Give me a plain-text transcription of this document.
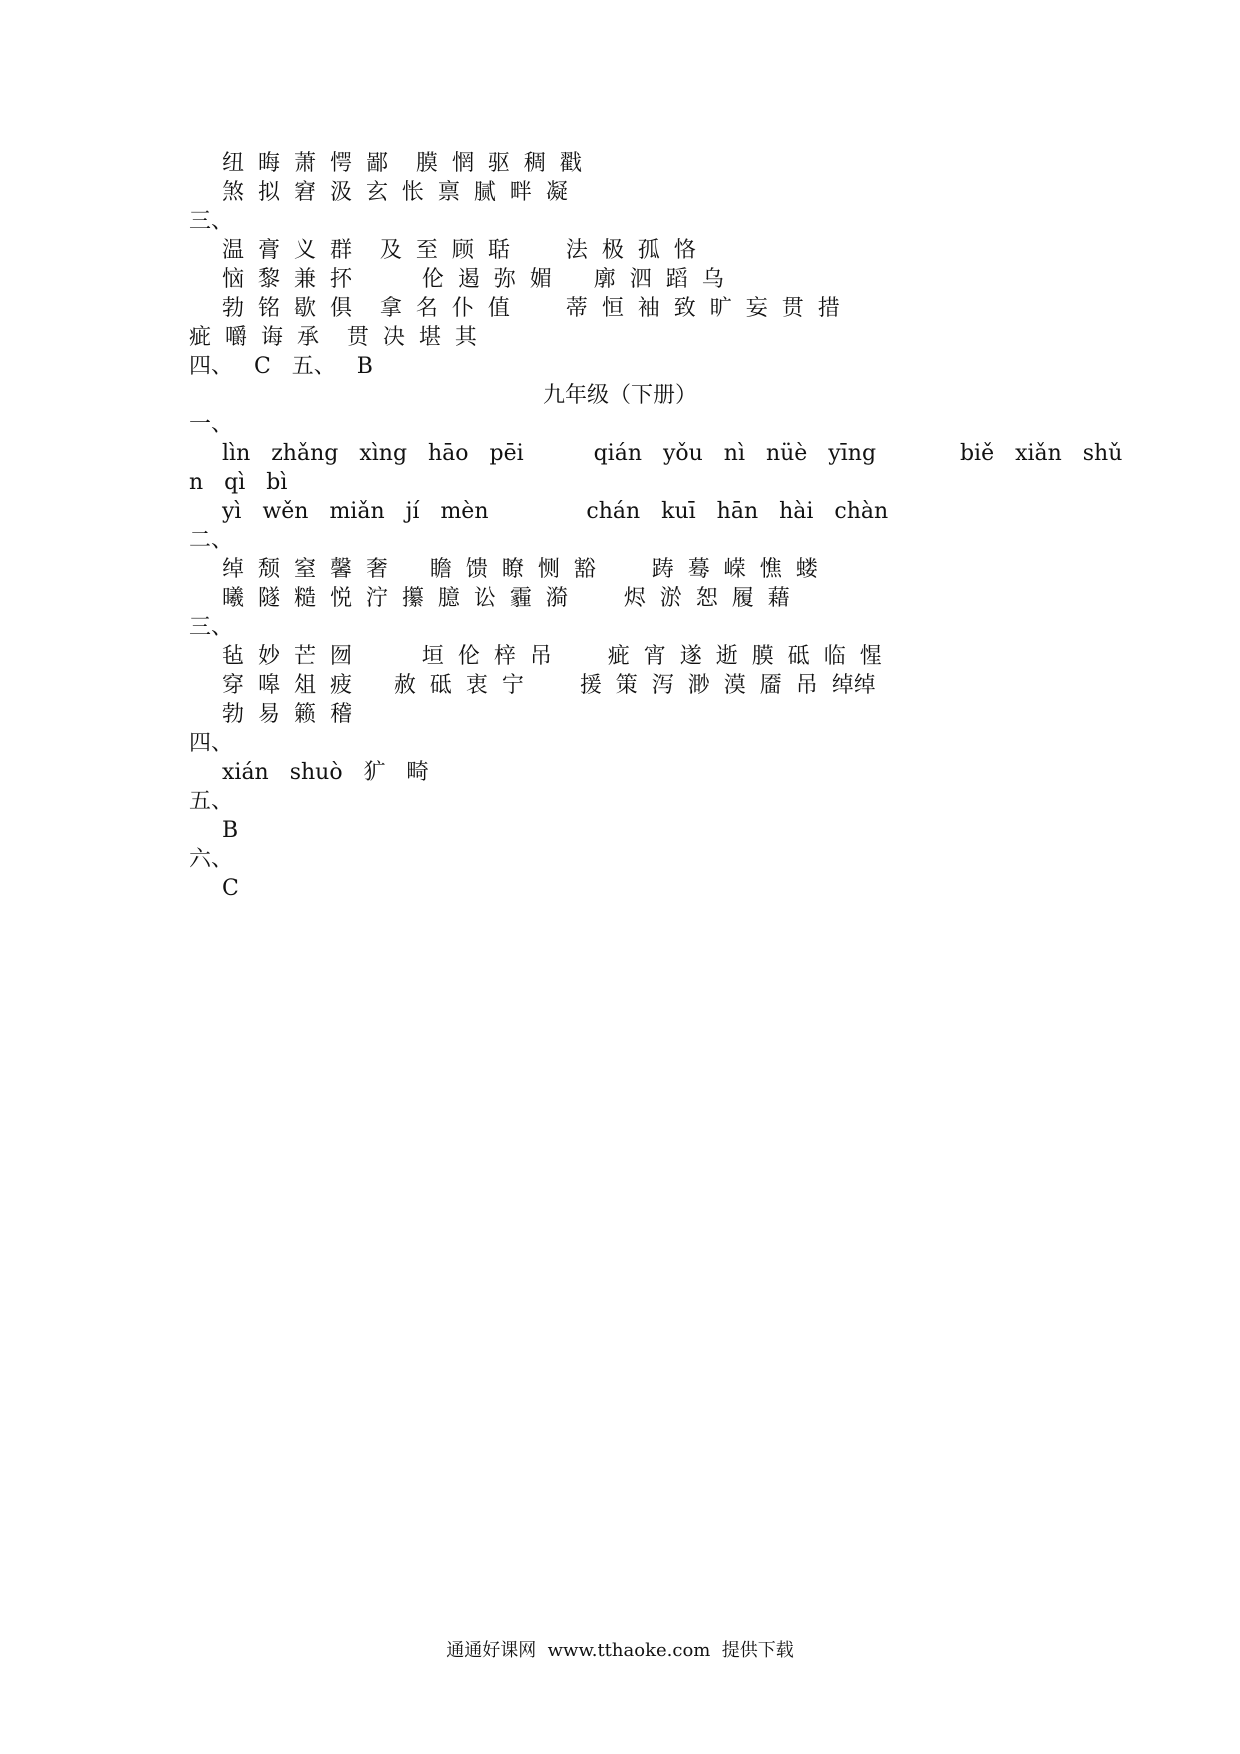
纽  晦  萧  愕  鄙    膜  惘  驱  稠  戳
煞  拟  窘  汲  玄  怅  禀  腻  畔  凝
三、
温  膏  义  群    及  至  顾  聒        法  极  孤  恪
恼  黎  兼  抔          伦  遏  弥  媚      廓  泗  蹈  乌
勃  铭  歇  俱    拿  名  仆  值        蒂  恒  袖  致  旷  妄  贯  措
疵  嚼  诲  承    贯  决  堪  其
四、   C   五、   B
九年级（下册）
一、
lìn   zhǎng   xìng   hāo   pēi          qián   yǒu   nì   nüè   yīng            biě   xiǎn   shǔ
n   qì   bì
yì   wěn   miǎn   jí   mèn              chán   kuī   hān   hài   chàn
二、
绰  颓  窒  馨  奢      瞻  馈  瞭  恻  豁        踌  蓦  嵘  憔  蝼
曦  隧  糙  悦  泞  攥  臆  讼  霾  漪        烬  淤  恕  履  藉
三、
毡  妙  芒  囫          垣  伦  梓  吊        疵  宵  遂  逝  膜  砥  临  惺
穿  嗥  俎  疲      赦  砥  衷  宁        援  策  泻  渺  漠  靥  吊  绰绰
勃  易  籁  稽
四、
xián   shuò   犷   畸
五、
B
六、
C
通通好课网  www.tthaoke.com  提供下载
